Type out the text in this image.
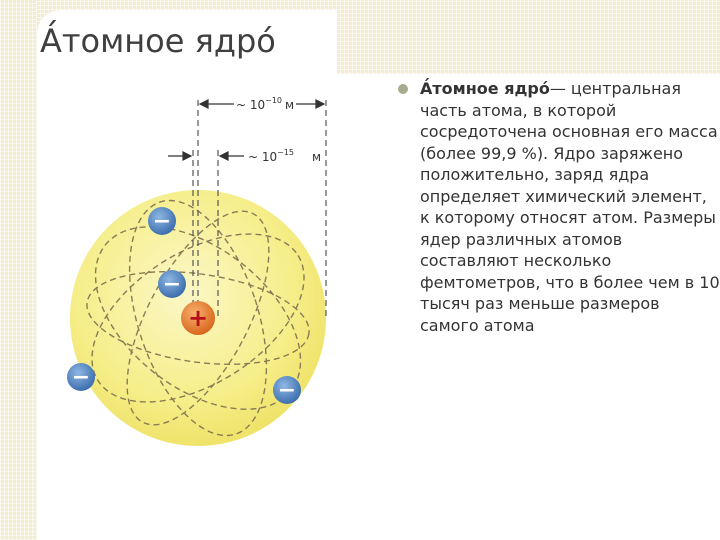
А́томное ядро́
~ $10^{-10}$ м
~ $10^{-15}$ м
+
−
−
−
−

А́томное ядро́— центральная часть атома, в которой сосредоточена основная его масса (более 99,9 %). Ядро заряжено положительно, заряд ядра определяет химический элемент, к которому относят атом. Размеры ядер различных атомов составляют несколько фемтометров, что в более чем в 10 тысяч раз меньше размеров самого атома
